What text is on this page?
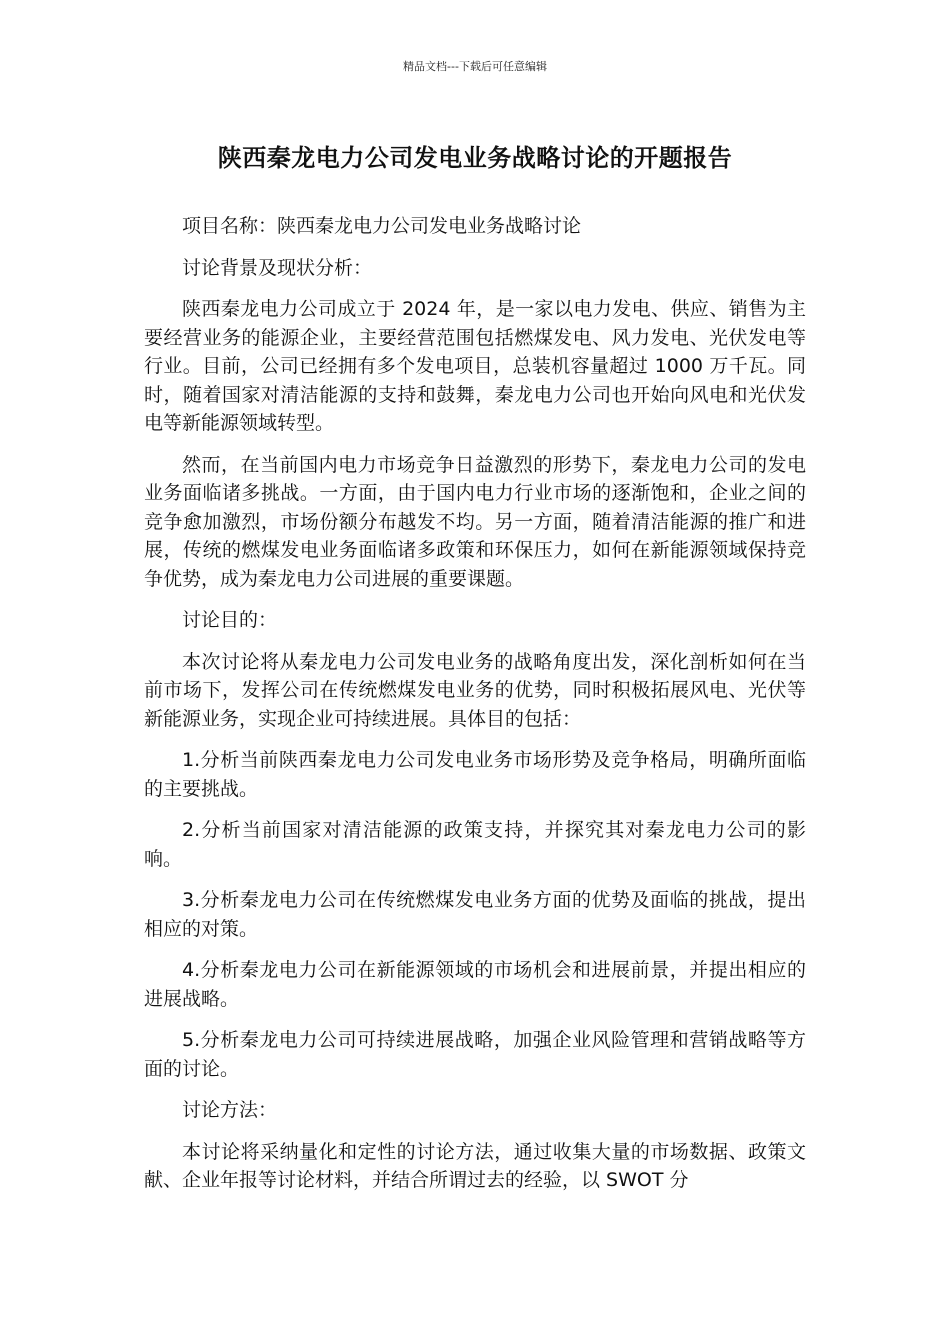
精品文档---下载后可任意编辑
陕西秦龙电力公司发电业务战略讨论的开题报告

项目名称：陕西秦龙电力公司发电业务战略讨论

讨论背景及现状分析：

陕西秦龙电力公司成立于 2024 年，是一家以电力发电、供应、销售为主要经营业务的能源企业，主要经营范围包括燃煤发电、风力发电、光伏发电等行业。目前，公司已经拥有多个发电项目，总装机容量超过 1000 万千瓦。同时，随着国家对清洁能源的支持和鼓舞，秦龙电力公司也开始向风电和光伏发电等新能源领域转型。

然而，在当前国内电力市场竞争日益激烈的形势下，秦龙电力公司的发电业务面临诸多挑战。一方面，由于国内电力行业市场的逐渐饱和，企业之间的竞争愈加激烈，市场份额分布越发不均。另一方面，随着清洁能源的推广和进展，传统的燃煤发电业务面临诸多政策和环保压力，如何在新能源领域保持竞争优势，成为秦龙电力公司进展的重要课题。

讨论目的：

本次讨论将从秦龙电力公司发电业务的战略角度出发，深化剖析如何在当前市场下，发挥公司在传统燃煤发电业务的优势，同时积极拓展风电、光伏等新能源业务，实现企业可持续进展。具体目的包括：

1.分析当前陕西秦龙电力公司发电业务市场形势及竞争格局，明确所面临的主要挑战。

2.分析当前国家对清洁能源的政策支持，并探究其对秦龙电力公司的影响。

3.分析秦龙电力公司在传统燃煤发电业务方面的优势及面临的挑战，提出相应的对策。

4.分析秦龙电力公司在新能源领域的市场机会和进展前景，并提出相应的进展战略。

5.分析秦龙电力公司可持续进展战略，加强企业风险管理和营销战略等方面的讨论。

讨论方法：

本讨论将采纳量化和定性的讨论方法，通过收集大量的市场数据、政策文献、企业年报等讨论材料，并结合所谓过去的经验，以 SWOT 分
